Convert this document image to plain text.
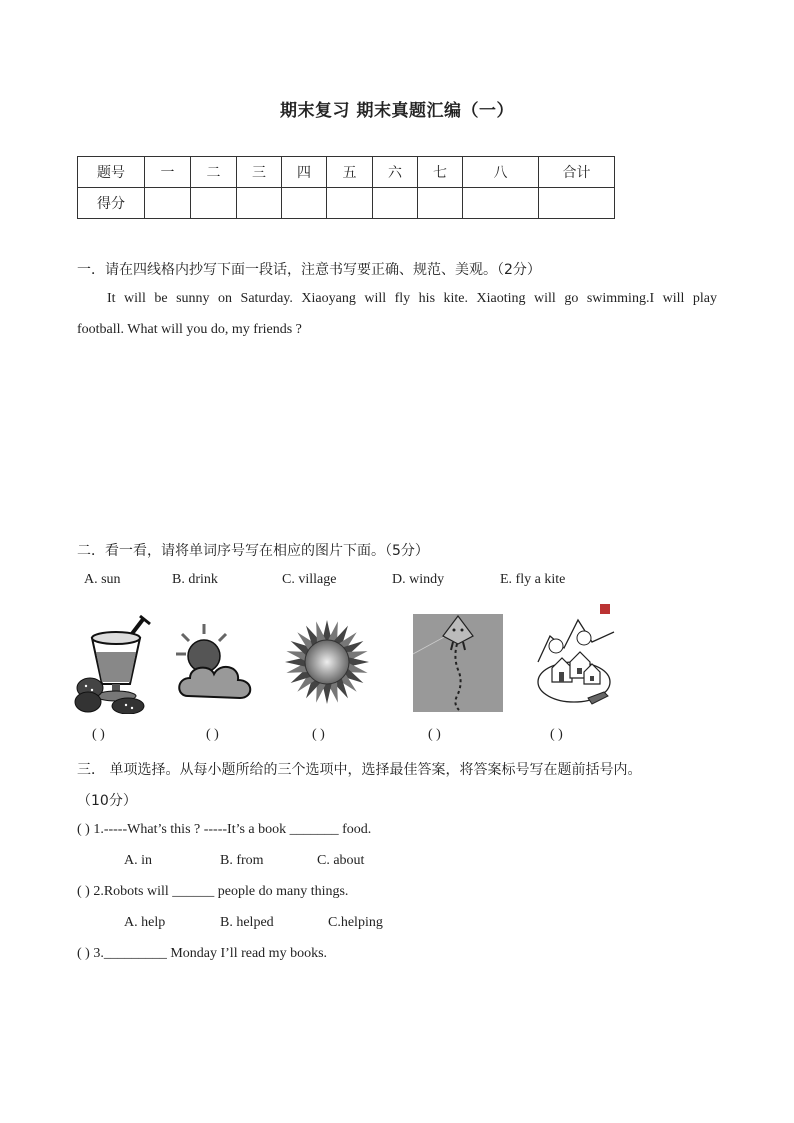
期末复习 期末真题汇编（一）
题号	一	二	三	四	五	六	七	八	合计
得分									
一．请在四线格内抄写下面一段话，注意书写要正确、规范、美观。（2分）
It will be sunny on Saturday. Xiaoyang will fly his kite. Xiaoting will go swimming.I will play
football. What will you do, my friends ?
二．看一看，请将单词序号写在相应的图片下面。（5分）
A. sun	B. drink	C. village	D. windy	E. fly a kite
( )	( )	( )	( )	( )
三． 单项选择。从每小题所给的三个选项中，选择最佳答案，将答案标号写在题前括号内。
（10分）
( ) 1.-----What’s this ? -----It’s a book _______ food.
A. in	B. from	C. about
( ) 2.Robots will ______ people do many things.
A. help	B. helped	C.helping
( ) 3._________ Monday I’ll read my books.
